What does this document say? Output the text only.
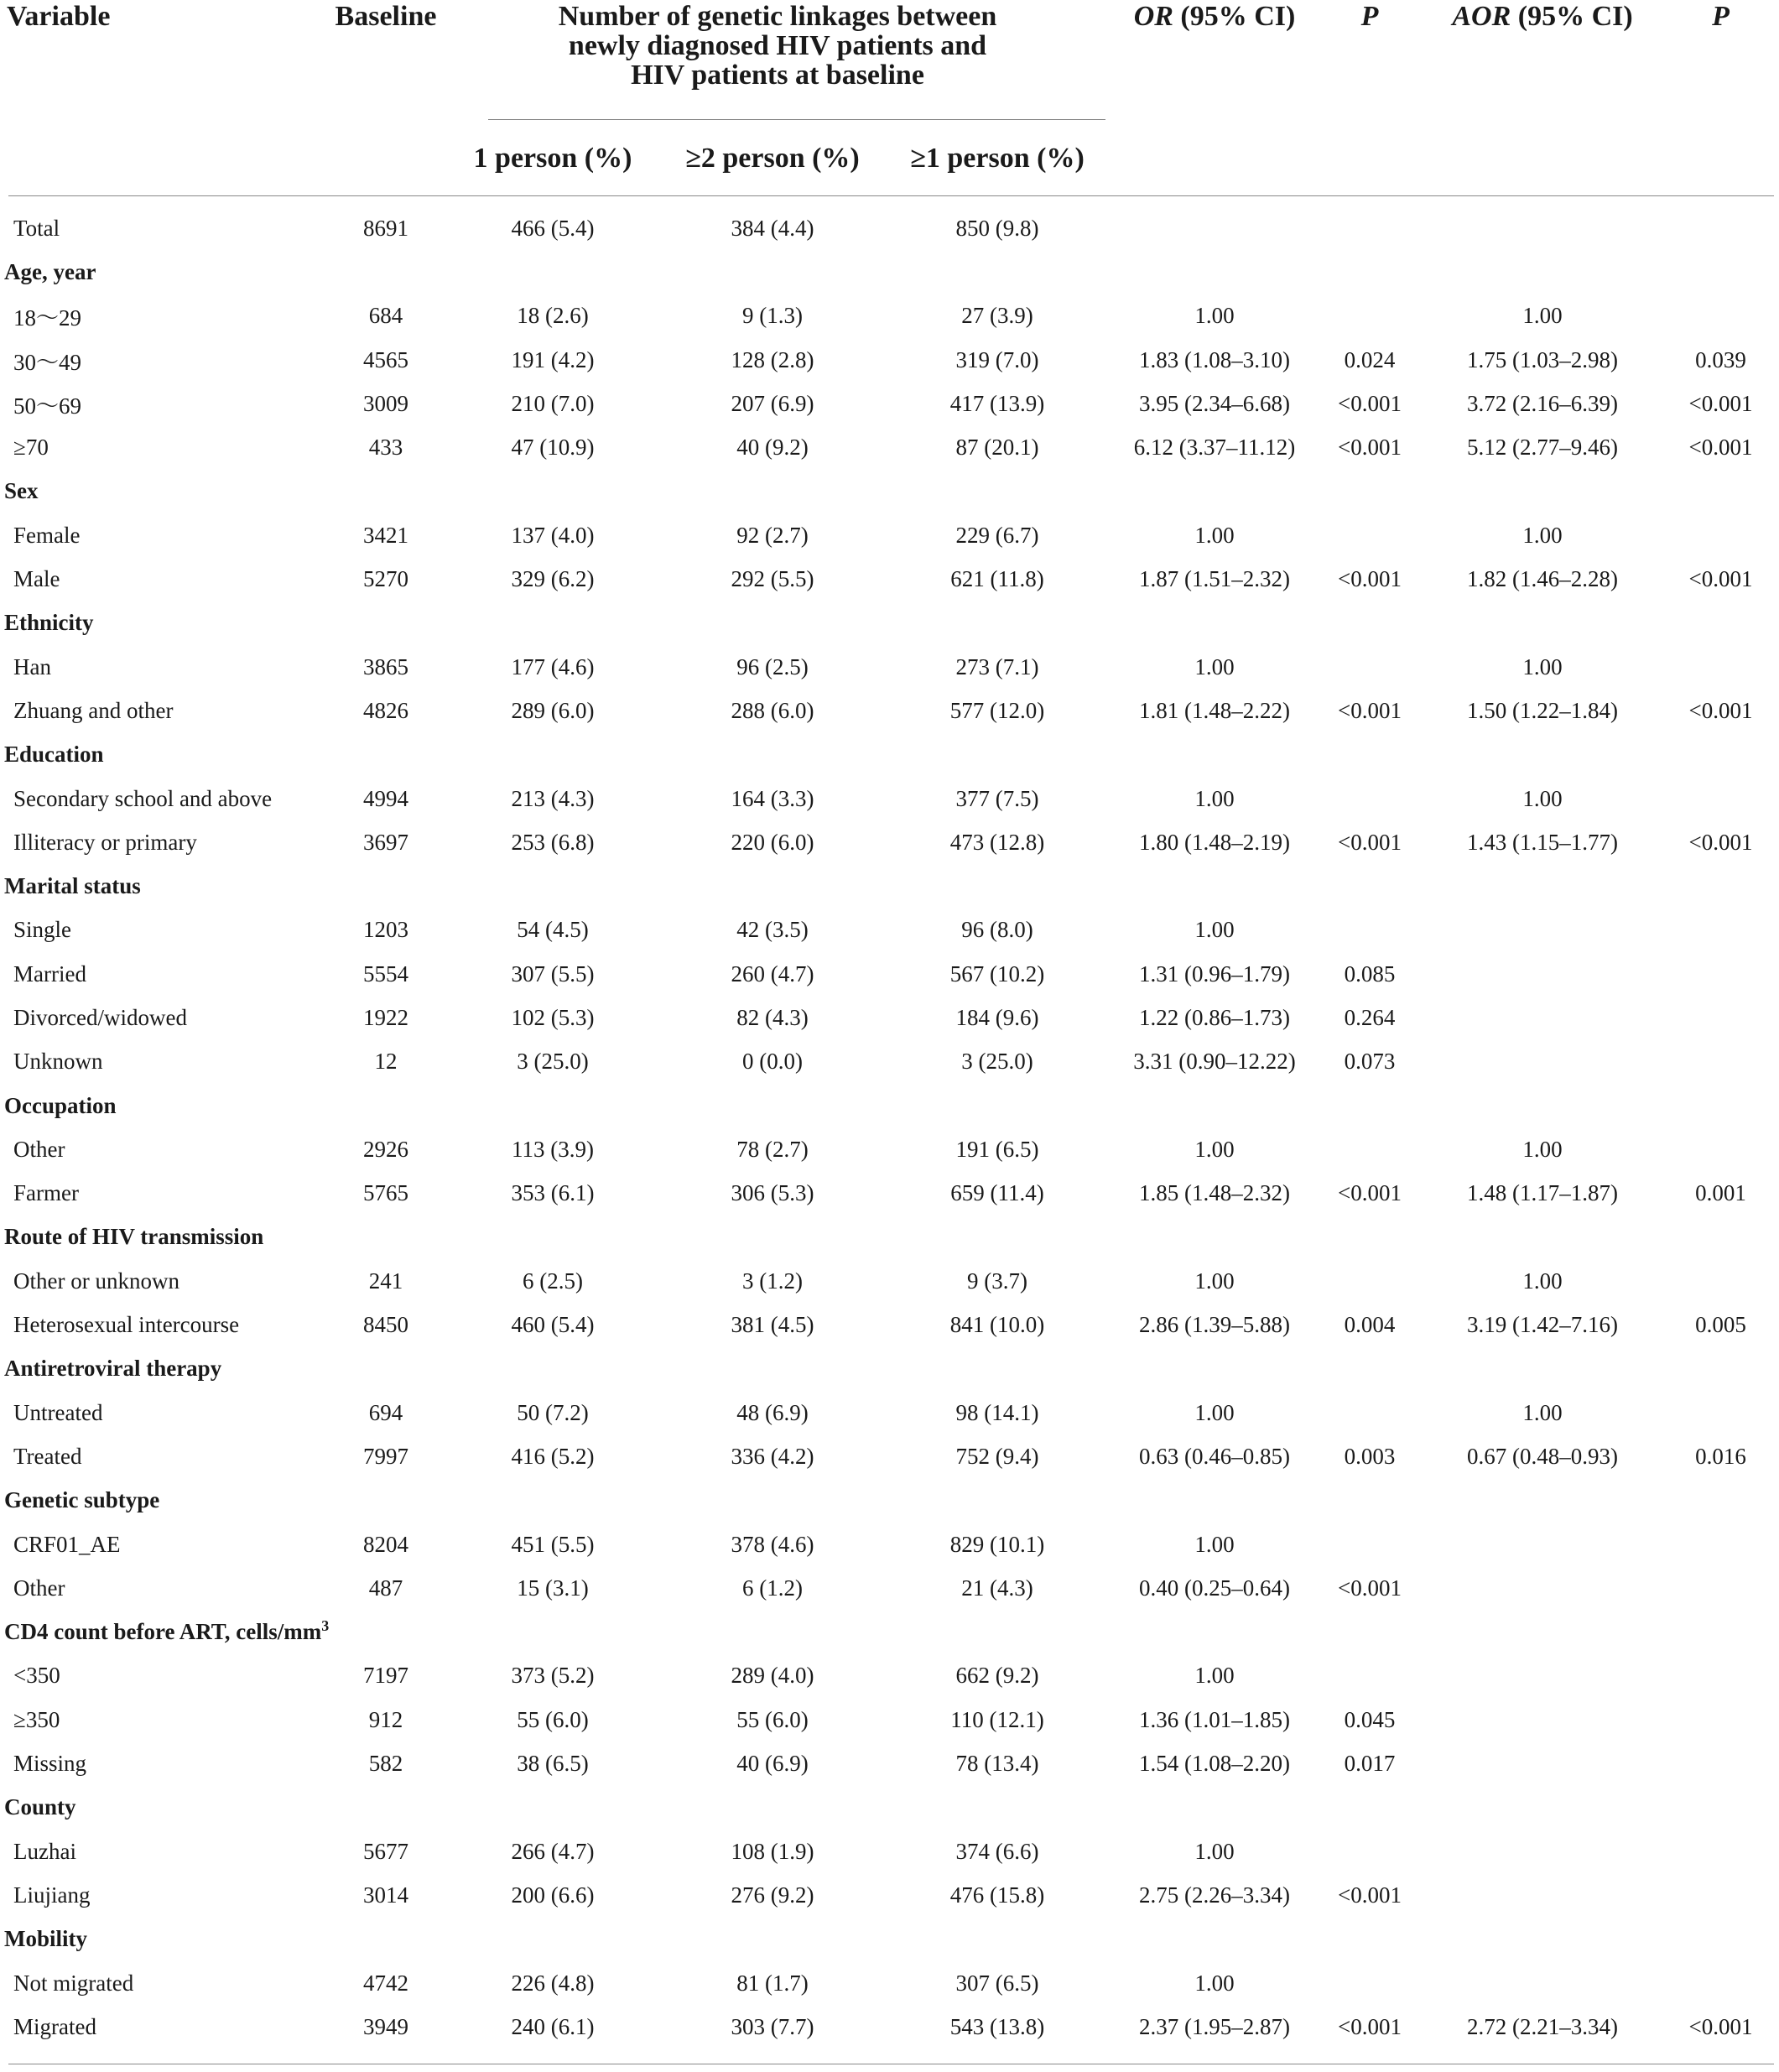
Variable	Baseline	Number of genetic linkages between newly diagnosed HIV patients and HIV patients at baseline			OR (95% CI)	P	AOR (95% CI)	P
		1 person (%)	≥2 person (%)	≥1 person (%)				
Total	8691	466 (5.4)	384 (4.4)	850 (9.8)				
Age, year								
18～29	684	18 (2.6)	9 (1.3)	27 (3.9)	1.00		1.00	
30～49	4565	191 (4.2)	128 (2.8)	319 (7.0)	1.83 (1.08–3.10)	0.024	1.75 (1.03–2.98)	0.039
50～69	3009	210 (7.0)	207 (6.9)	417 (13.9)	3.95 (2.34–6.68)	<0.001	3.72 (2.16–6.39)	<0.001
≥70	433	47 (10.9)	40 (9.2)	87 (20.1)	6.12 (3.37–11.12)	<0.001	5.12 (2.77–9.46)	<0.001
Sex								
Female	3421	137 (4.0)	92 (2.7)	229 (6.7)	1.00		1.00	
Male	5270	329 (6.2)	292 (5.5)	621 (11.8)	1.87 (1.51–2.32)	<0.001	1.82 (1.46–2.28)	<0.001
Ethnicity								
Han	3865	177 (4.6)	96 (2.5)	273 (7.1)	1.00		1.00	
Zhuang and other	4826	289 (6.0)	288 (6.0)	577 (12.0)	1.81 (1.48–2.22)	<0.001	1.50 (1.22–1.84)	<0.001
Education								
Secondary school and above	4994	213 (4.3)	164 (3.3)	377 (7.5)	1.00		1.00	
Illiteracy or primary	3697	253 (6.8)	220 (6.0)	473 (12.8)	1.80 (1.48–2.19)	<0.001	1.43 (1.15–1.77)	<0.001
Marital status								
Single	1203	54 (4.5)	42 (3.5)	96 (8.0)	1.00			
Married	5554	307 (5.5)	260 (4.7)	567 (10.2)	1.31 (0.96–1.79)	0.085		
Divorced/widowed	1922	102 (5.3)	82 (4.3)	184 (9.6)	1.22 (0.86–1.73)	0.264		
Unknown	12	3 (25.0)	0 (0.0)	3 (25.0)	3.31 (0.90–12.22)	0.073		
Occupation								
Other	2926	113 (3.9)	78 (2.7)	191 (6.5)	1.00		1.00	
Farmer	5765	353 (6.1)	306 (5.3)	659 (11.4)	1.85 (1.48–2.32)	<0.001	1.48 (1.17–1.87)	0.001
Route of HIV transmission								
Other or unknown	241	6 (2.5)	3 (1.2)	9 (3.7)	1.00		1.00	
Heterosexual intercourse	8450	460 (5.4)	381 (4.5)	841 (10.0)	2.86 (1.39–5.88)	0.004	3.19 (1.42–7.16)	0.005
Antiretroviral therapy								
Untreated	694	50 (7.2)	48 (6.9)	98 (14.1)	1.00		1.00	
Treated	7997	416 (5.2)	336 (4.2)	752 (9.4)	0.63 (0.46–0.85)	0.003	0.67 (0.48–0.93)	0.016
Genetic subtype								
CRF01_AE	8204	451 (5.5)	378 (4.6)	829 (10.1)	1.00			
Other	487	15 (3.1)	6 (1.2)	21 (4.3)	0.40 (0.25–0.64)	<0.001		
CD4 count before ART, cells/$mm^3$
<350	7197	373 (5.2)	289 (4.0)	662 (9.2)	1.00			
≥350	912	55 (6.0)	55 (6.0)	110 (12.1)	1.36 (1.01–1.85)	0.045		
Missing	582	38 (6.5)	40 (6.9)	78 (13.4)	1.54 (1.08–2.20)	0.017		
County								
Luzhai	5677	266 (4.7)	108 (1.9)	374 (6.6)	1.00			
Liujiang	3014	200 (6.6)	276 (9.2)	476 (15.8)	2.75 (2.26–3.34)	<0.001		
Mobility								
Not migrated	4742	226 (4.8)	81 (1.7)	307 (6.5)	1.00			
Migrated	3949	240 (6.1)	303 (7.7)	543 (13.8)	2.37 (1.95–2.87)	<0.001	2.72 (2.21–3.34)	<0.001
